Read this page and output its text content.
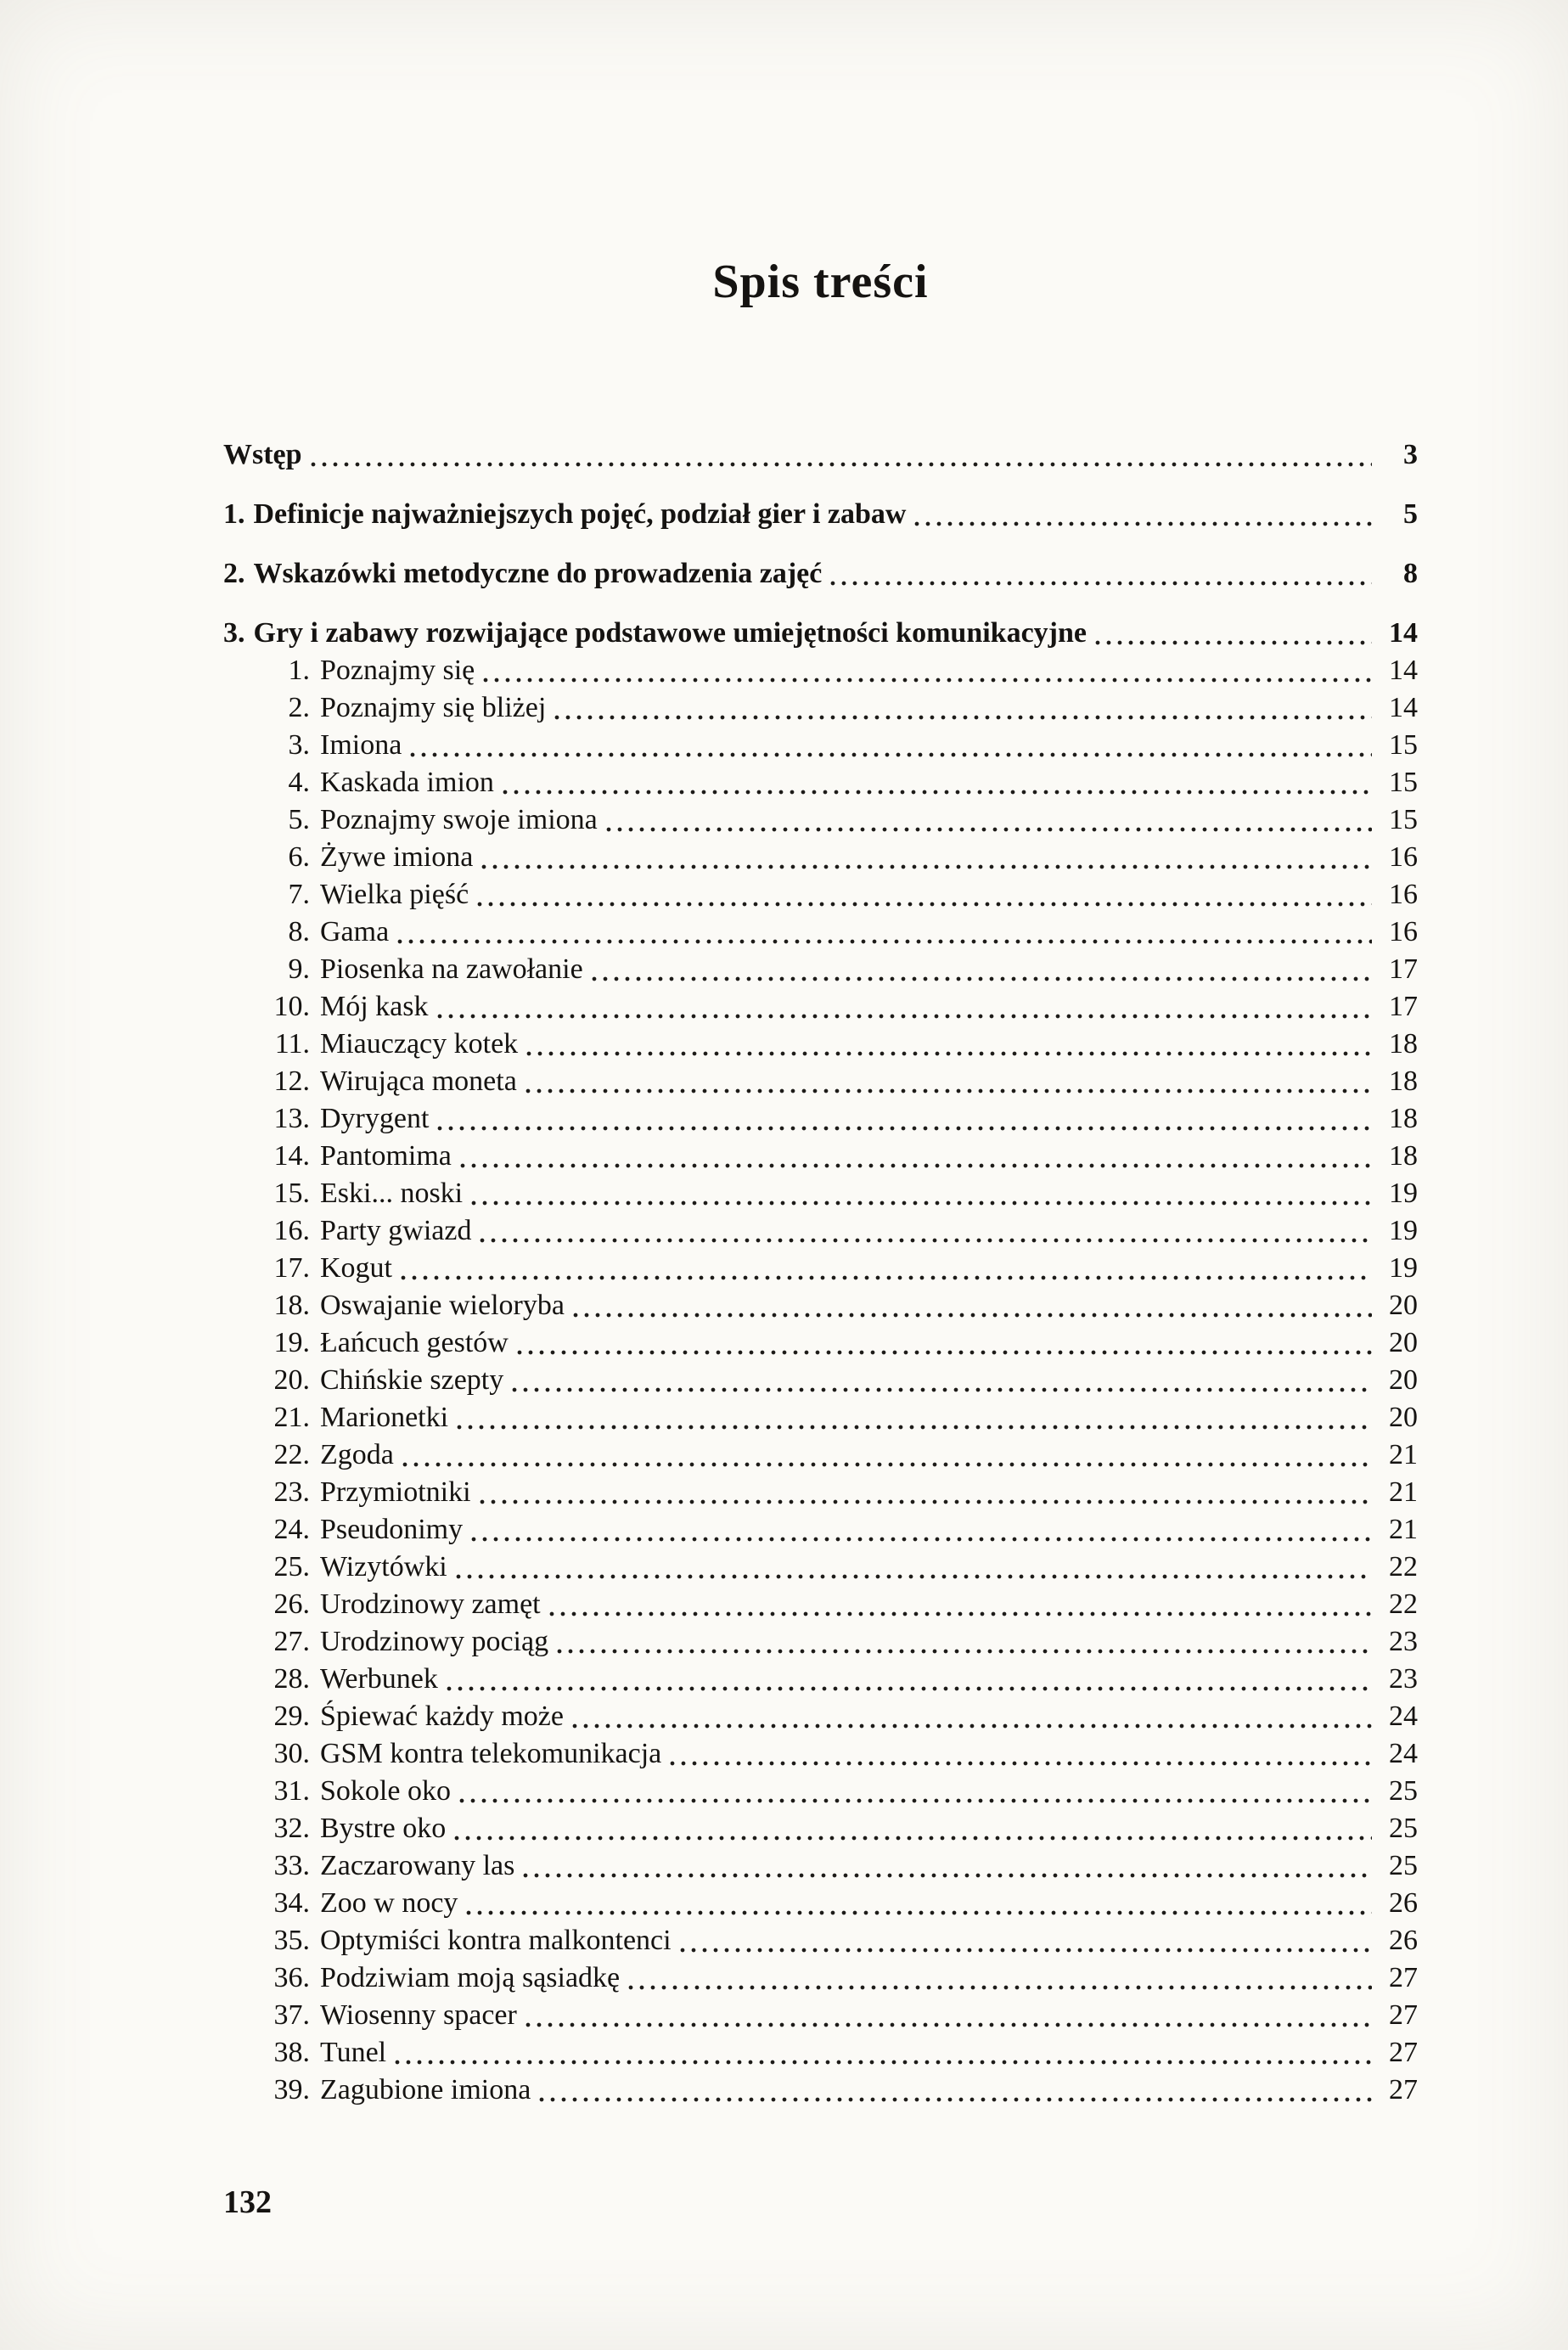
Spis treści
Wstęp	3
1. Definicje najważniejszych pojęć, podział gier i zabaw	5
2. Wskazówki metodyczne do prowadzenia zajęć	8
3. Gry i zabawy rozwijające podstawowe umiejętności komunikacyjne	14
1. Poznajmy się	14
2. Poznajmy się bliżej	14
3. Imiona	15
4. Kaskada imion	15
5. Poznajmy swoje imiona	15
6. Żywe imiona	16
7. Wielka pięść	16
8. Gama	16
9. Piosenka na zawołanie	17
10. Mój kask	17
11. Miauczący kotek	18
12. Wirująca moneta	18
13. Dyrygent	18
14. Pantomima	18
15. Eski... noski	19
16. Party gwiazd	19
17. Kogut	19
18. Oswajanie wieloryba	20
19. Łańcuch gestów	20
20. Chińskie szepty	20
21. Marionetki	20
22. Zgoda	21
23. Przymiotniki	21
24. Pseudonimy	21
25. Wizytówki	22
26. Urodzinowy zamęt	22
27. Urodzinowy pociąg	23
28. Werbunek	23
29. Śpiewać każdy może	24
30. GSM kontra telekomunikacja	24
31. Sokole oko	25
32. Bystre oko	25
33. Zaczarowany las	25
34. Zoo w nocy	26
35. Optymiści kontra malkontenci	26
36. Podziwiam moją sąsiadkę	27
37. Wiosenny spacer	27
38. Tunel	27
39. Zagubione imiona	27
132
